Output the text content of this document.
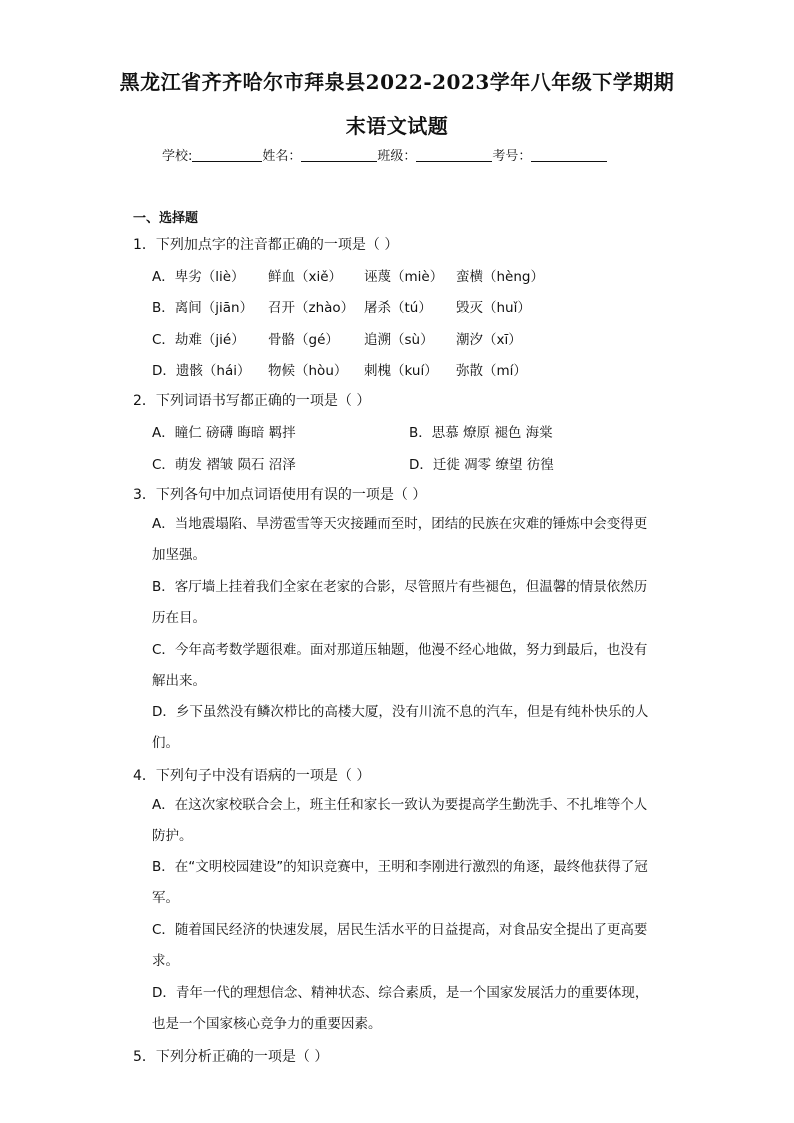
黑龙江省齐齐哈尔市拜泉县2022-2023学年八年级下学期期
末语文试题
学校:	姓名：	班级：	考号：
一、选择题
1．下列加点字的注音都正确的一项是（ ）
A．卑劣（liè） 鲜血（xiě） 诬蔑（miè） 蛮横（hèng）
B．离间（jiān） 召开（zhào） 屠杀（tú） 毁灭（huǐ）
C．劫难（jié） 骨骼（gé） 追溯（sù） 潮汐（xī）
D．遗骸（hái） 物候（hòu） 刺槐（kuí） 弥散（mí）
2．下列词语书写都正确的一项是（ ）
A．瞳仁 磅礴 晦暗 羁拌	B．思慕 燎原 褪色 海棠
C．萌发 褶皱 陨石 沼泽	D．迁徙 凋零 缭望 彷徨
3．下列各句中加点词语使用有误的一项是（ ）
A．当地震塌陷、旱涝雹雪等天灾接踵而至时，团结的民族在灾难的锤炼中会变得更
加坚强。
B．客厅墙上挂着我们全家在老家的合影，尽管照片有些褪色，但温馨的情景依然历
历在目。
C．今年高考数学题很难。面对那道压轴题，他漫不经心地做，努力到最后，也没有
解出来。
D．乡下虽然没有鳞次栉比的高楼大厦，没有川流不息的汽车，但是有纯朴快乐的人
们。
4．下列句子中没有语病的一项是（ ）
A．在这次家校联合会上，班主任和家长一致认为要提高学生勤洗手、不扎堆等个人
防护。
B．在“文明校园建设”的知识竞赛中，王明和李刚进行激烈的角逐，最终他获得了冠
军。
C．随着国民经济的快速发展，居民生活水平的日益提高，对食品安全提出了更高要
求。
D．青年一代的理想信念、精神状态、综合素质，是一个国家发展活力的重要体现，
也是一个国家核心竞争力的重要因素。
5．下列分析正确的一项是（ ）
